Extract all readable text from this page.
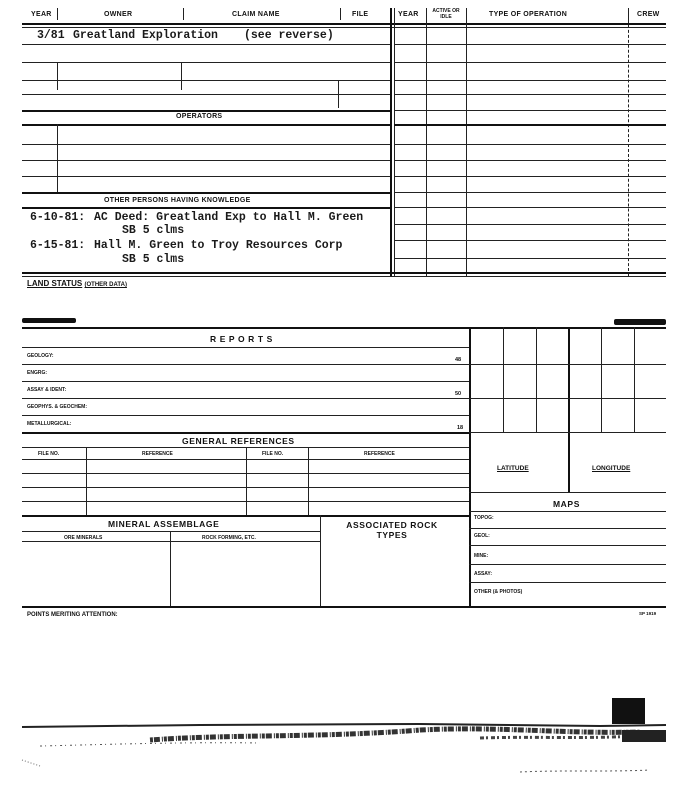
YEAR	OWNER	CLAIM NAME	FILE	YEAR	ACTIVE OR IDLE	TYPE OF OPERATION	CREW
3/81 Greatland Exploration (see reverse)
OPERATORS
OTHER PERSONS HAVING KNOWLEDGE
6-10-81: AC Deed: Greatland Exp to Hall M. Green
SB 5 clms
6-15-81: Hall M. Green to Troy Resources Corp
SB 5 clms
LAND STATUS (OTHER DATA)
R E P O R T S
GEOLOGY:
48
ENGRG:
ASSAY & IDENT:
50
GEOPHYS. & GEOCHEM:
METALLURGICAL:
18
GENERAL REFERENCES
FILE NO.	REFERENCE	FILE NO.	REFERENCE
MINERAL ASSEMBLAGE
ORE MINERALS	ROCK FORMING, ETC.
ASSOCIATED ROCK TYPES
LATITUDE	LONGITUDE
MAPS
TOPOG:
GEOL:
MINE:
ASSAY:
OTHER (& PHOTOS)
POINTS MERITING ATTENTION:	SP 1919
